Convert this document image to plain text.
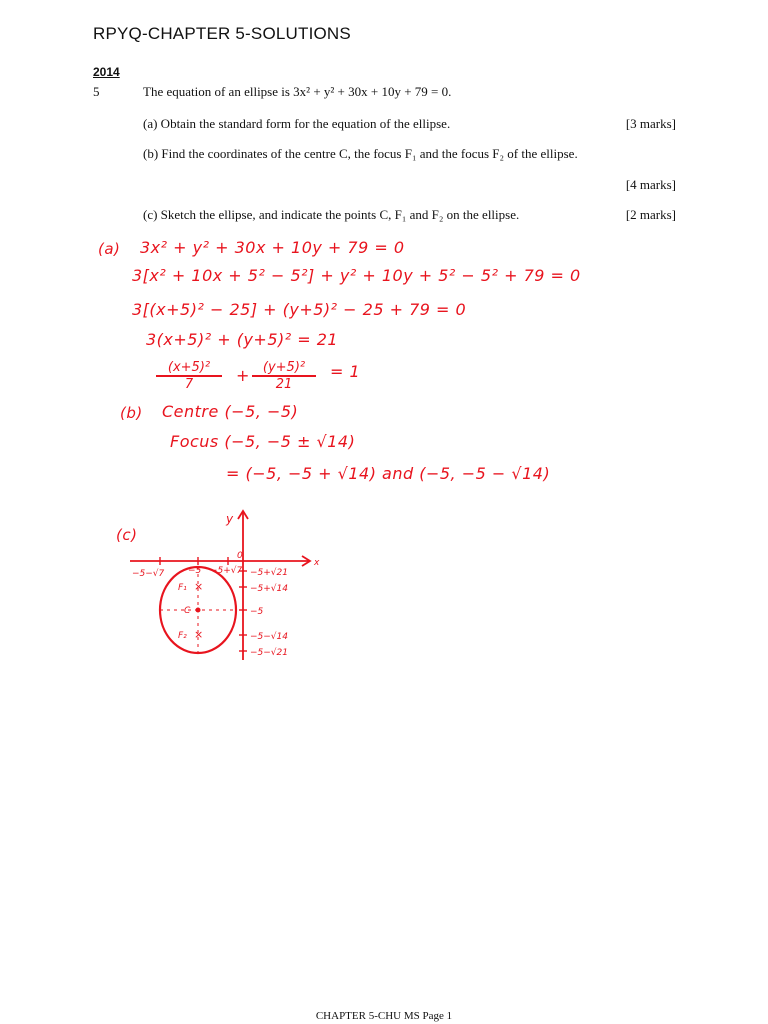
RPYQ-CHAPTER 5-SOLUTIONS
2014
5	The equation of an ellipse is 3x² + y² + 30x + 10y + 79 = 0.
(a) Obtain the standard form for the equation of the ellipse.	[3 marks]
(b) Find the coordinates of the centre C, the focus F₁ and the focus F₂ of the ellipse.
[4 marks]
(c) Sketch the ellipse, and indicate the points C, F₁ and F₂ on the ellipse.	[2 marks]
(a) 3x² + y² + 30x + 10y + 79 = 0
3[x² + 10x + 5² − 5²] + y² + 10y + 5² − 5² + 79 = 0
3[(x+5)² − 25] + (y+5)² − 25 + 79 = 0
3(x+5)² + (y+5)² = 21
(x+5)²
7	+ (y+5)²
21
= 1
(b) Centre (−5, −5)
Focus (−5, −5 ± √14)
= (−5, −5 + √14) and (−5, −5 − √14)
(c)
x
y
0
−5−√7	−5 −5+√7 −5+√21
−5+√14
−5
−5−√14
−5−√21
×
F₁
C
×
F₂
CHAPTER 5-CHU MS Page 1
